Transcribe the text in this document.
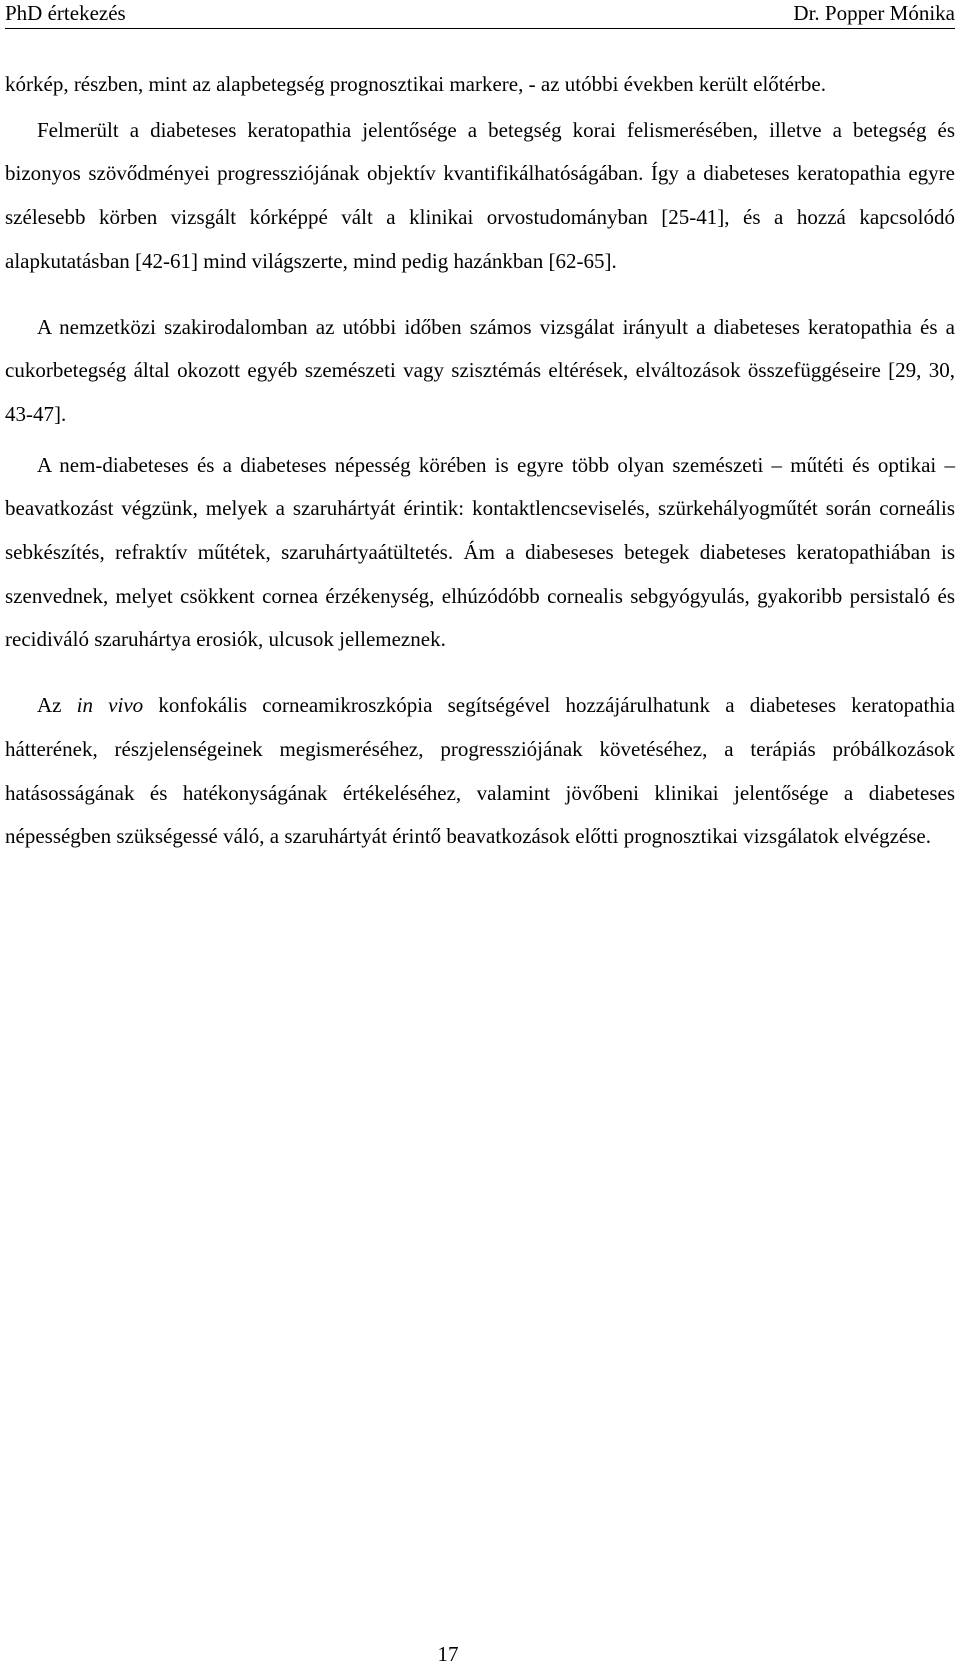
PhD értekezés	Dr. Popper Mónika

kórkép, részben, mint az alapbetegség prognosztikai markere, - az utóbbi években került előtérbe.

Felmerült a diabeteses keratopathia jelentősége a betegség korai felismerésében, illetve a betegség és bizonyos szövődményei progressziójának objektív kvantifikálhatóságában. Így a diabeteses keratopathia egyre szélesebb körben vizsgált kórképpé vált a klinikai orvostudományban [25-41], és a hozzá kapcsolódó alapkutatásban [42-61] mind világszerte, mind pedig hazánkban [62-65].

A nemzetközi szakirodalomban az utóbbi időben számos vizsgálat irányult a diabeteses keratopathia és a cukorbetegség által okozott egyéb szemészeti vagy szisztémás eltérések, elváltozások összefüggéseire [29, 30, 43-47].

A nem-diabeteses és a diabeteses népesség körében is egyre több olyan szemészeti – műtéti és optikai – beavatkozást végzünk, melyek a szaruhártyát érintik: kontaktlencseviselés, szürkehályogműtét során corneális sebkészítés, refraktív műtétek, szaruhártyaátültetés. Ám a diabeseses betegek diabeteses keratopathiában is szenvednek, melyet csökkent cornea érzékenység, elhúzódóbb cornealis sebgyógyulás, gyakoribb persistaló és recidiváló szaruhártya erosiók, ulcusok jellemeznek.

Az in vivo konfokális corneamikroszkópia segítségével hozzájárulhatunk a diabeteses keratopathia hátterének, részjelenségeinek megismeréséhez, progressziójának követéséhez, a terápiás próbálkozások hatásosságának és hatékonyságának értékeléséhez, valamint jövőbeni klinikai jelentősége a diabeteses népességben szükségessé váló, a szaruhártyát érintő beavatkozások előtti prognosztikai vizsgálatok elvégzése.

17
